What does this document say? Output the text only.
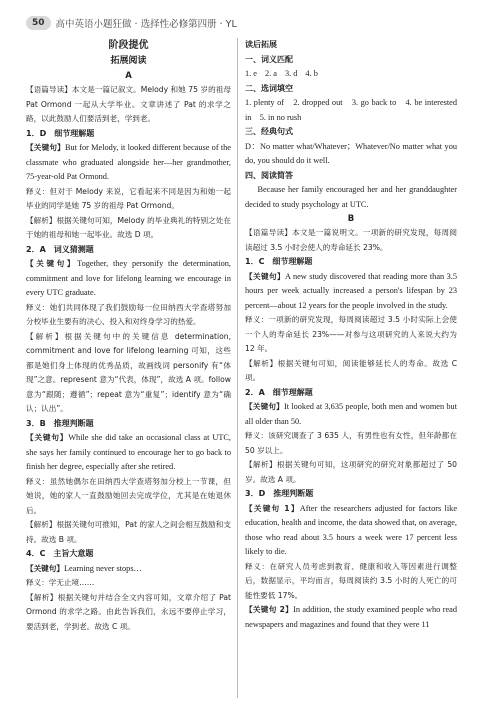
50	高中英语小题狂做 · 选择性必修第四册 · YL
阶段提优
拓展阅读
A

【语篇导读】本文是一篇记叙文。Melody 和她 75 岁的祖母 Pat Ormond 一起从大学毕业。文章讲述了 Pat 的求学之路，以此鼓励人们要活到老，学到老。

1．D　细节理解题

【关键句】But for Melody, it looked different because of the classmate who graduated alongside her—her grandmother, 75-year-old Pat Ormond.

释义：但对于 Melody 来说，它看起来不同是因为和她一起毕业的同学是她 75 岁的祖母 Pat Ormond。

【解析】根据关键句可知，Melody 的毕业典礼的特别之处在于她的祖母和她一起毕业。故选 D 项。

2．A　词义猜测题

【关键句】Together, they personify the determination, commitment and love for lifelong learning we encourage in every UTC graduate.

释义：她们共同体现了我们鼓励每一位田纳西大学查塔努加分校毕业生要有的决心、投入和对终身学习的热爱。

【解析】根据关键句中的关键信息 determination, commitment and love for lifelong learning 可知，这些都是她们身上体现的优秀品质，故画线词 personify 有“体现”之意。represent 意为“代表，体现”，故选 A 项。follow 意为“跟随；遵循”；repeat 意为“重复”；identify 意为“确认；认出”。

3．B　推理判断题

【关键句】While she did take an occasional class at UTC, she says her family continued to encourage her to go back to finish her degree, especially after she retired.

释义：虽然她偶尔在田纳西大学查塔努加分校上一节课，但她说，她的家人一直鼓励她回去完成学位，尤其是在她退休后。

【解析】根据关键句可推知，Pat 的家人之间会相互鼓励和支持。故选 B 项。

4．C　主旨大意题

【关键句】Learning never stops…

释义：学无止境……

【解析】根据关键句并结合全文内容可知，文章介绍了 Pat Ormond 的求学之路。由此告诉我们，永远不要停止学习，要活到老，学到老。故选 C 项。

读后拓展

一、词义匹配

1. e 2. a 3. d 4. b

二、选词填空

1. plenty of　2. dropped out　3. go back to　4. be interested in　5. in no rush

三、经典句式

D：No matter what/Whatever；Whatever/No matter what you do, you should do it well.

四、阅读简答

Because her family encouraged her and her granddaughter decided to study psychology at UTC.

B

【语篇导读】本文是一篇说明文。一项新的研究发现，每周阅读超过 3.5 小时会使人的寿命延长 23%。

1．C　细节理解题

【关键句】A new study discovered that reading more than 3.5 hours per week actually increased a person's lifespan by 23 percent—about 12 years for the people involved in the study.

释义：一项新的研究发现，每周阅读超过 3.5 小时实际上会使一个人的寿命延长 23%——对参与这项研究的人来说大约为 12 年。

【解析】根据关键句可知，阅读能够延长人的寿命。故选 C 项。

2．A　细节理解题

【关键句】It looked at 3,635 people, both men and women but all older than 50.

释义：该研究调查了 3 635 人，有男性也有女性，但年龄都在 50 岁以上。

【解析】根据关键句可知，这项研究的研究对象都超过了 50 岁。故选 A 项。

3．D　推理判断题

【关键句 1】After the researchers adjusted for factors like education, health and income, the data showed that, on average, those who read about 3.5 hours a week were 17 percent less likely to die.

释义：在研究人员考虑到教育、健康和收入等因素进行调整后，数据显示，平均而言，每周阅读约 3.5 小时的人死亡的可能性要低 17%。

【关键句 2】In addition, the study examined people who read newspapers and magazines and found that they were 11
